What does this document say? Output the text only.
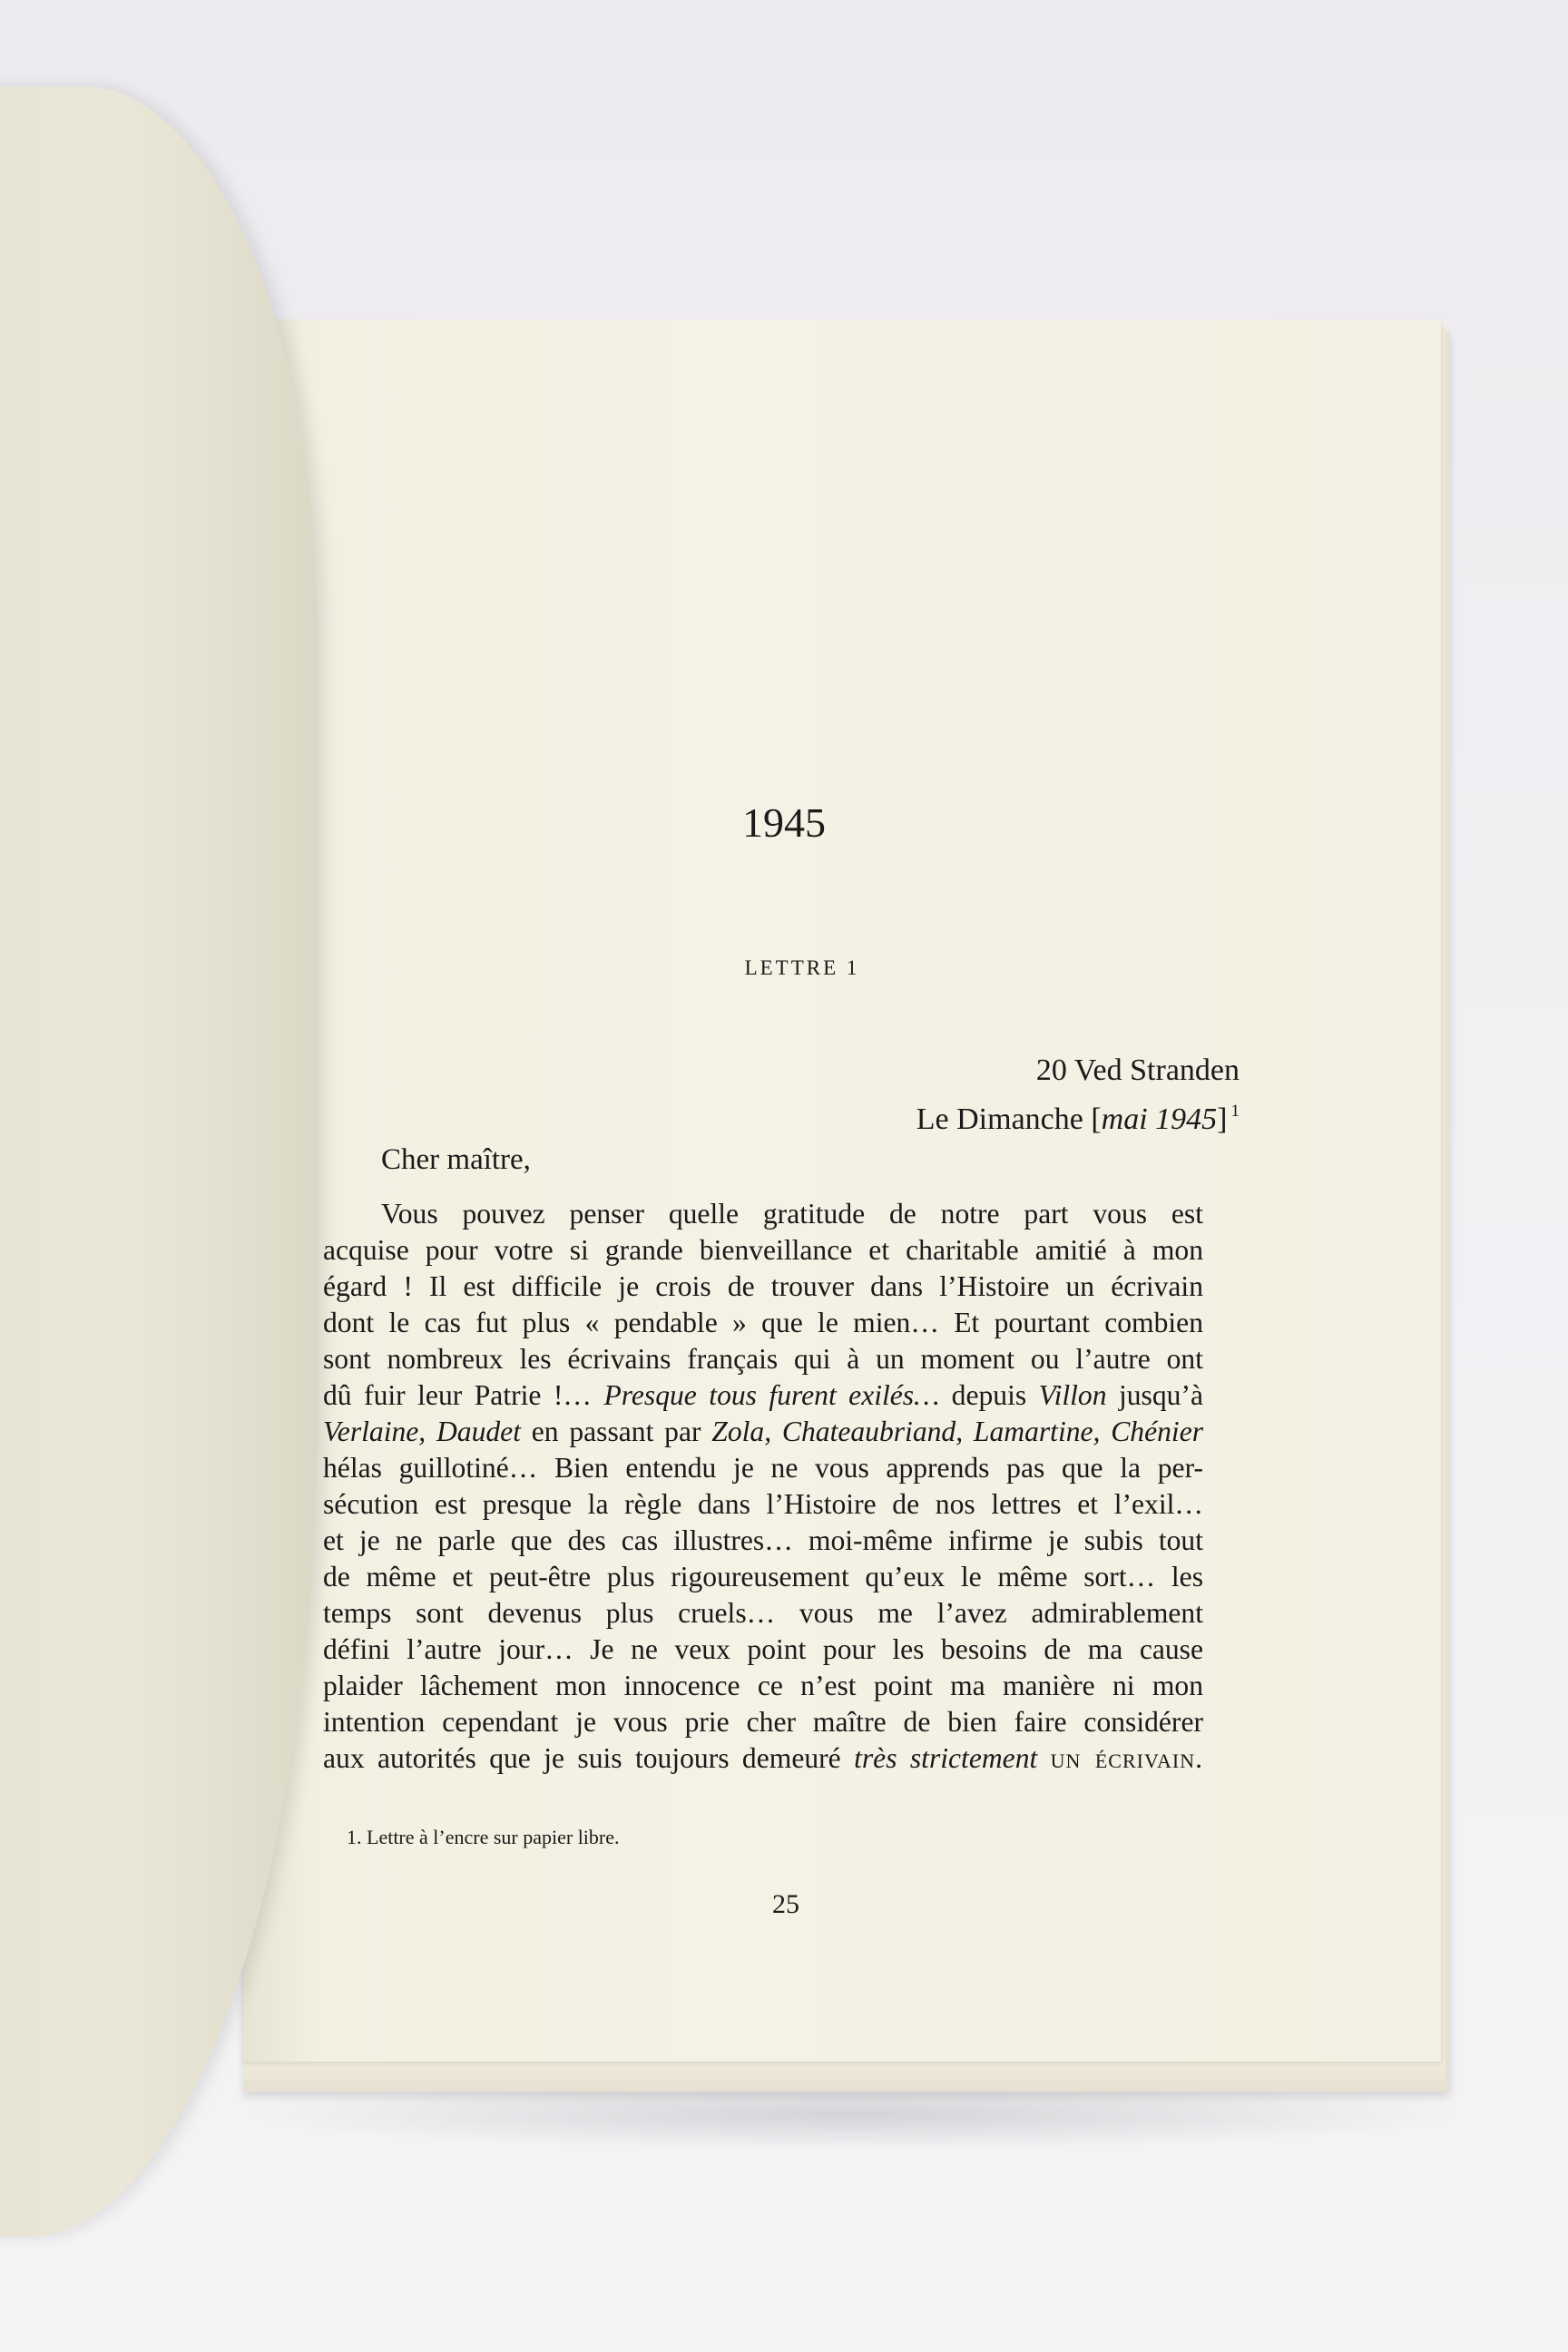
1945
LETTRE 1
20 Ved Stranden
Le Dimanche [mai 1945] $^1$
Cher maître,
Vous pouvez penser quelle gratitude de notre part vous est
acquise pour votre si grande bienveillance et charitable amitié à mon
égard ! Il est difficile je crois de trouver dans l’Histoire un écrivain
dont le cas fut plus « pendable » que le mien… Et pourtant combien
sont nombreux les écrivains français qui à un moment ou l’autre ont
dû fuir leur Patrie !… Presque tous furent exilés… depuis Villon jusqu’à
Verlaine, Daudet en passant par Zola, Chateaubriand, Lamartine, Chénier
hélas guillotiné… Bien entendu je ne vous apprends pas que la per-
sécution est presque la règle dans l’Histoire de nos lettres et l’exil…
et je ne parle que des cas illustres… moi-même infirme je subis tout
de même et peut-être plus rigoureusement qu’eux le même sort… les
temps sont devenus plus cruels… vous me l’avez admirablement
défini l’autre jour… Je ne veux point pour les besoins de ma cause
plaider lâchement mon innocence ce n’est point ma manière ni mon
intention cependant je vous prie cher maître de bien faire considérer
aux autorités que je suis toujours demeuré très strictement un écrivain.
1. Lettre à l’encre sur papier libre.
25
